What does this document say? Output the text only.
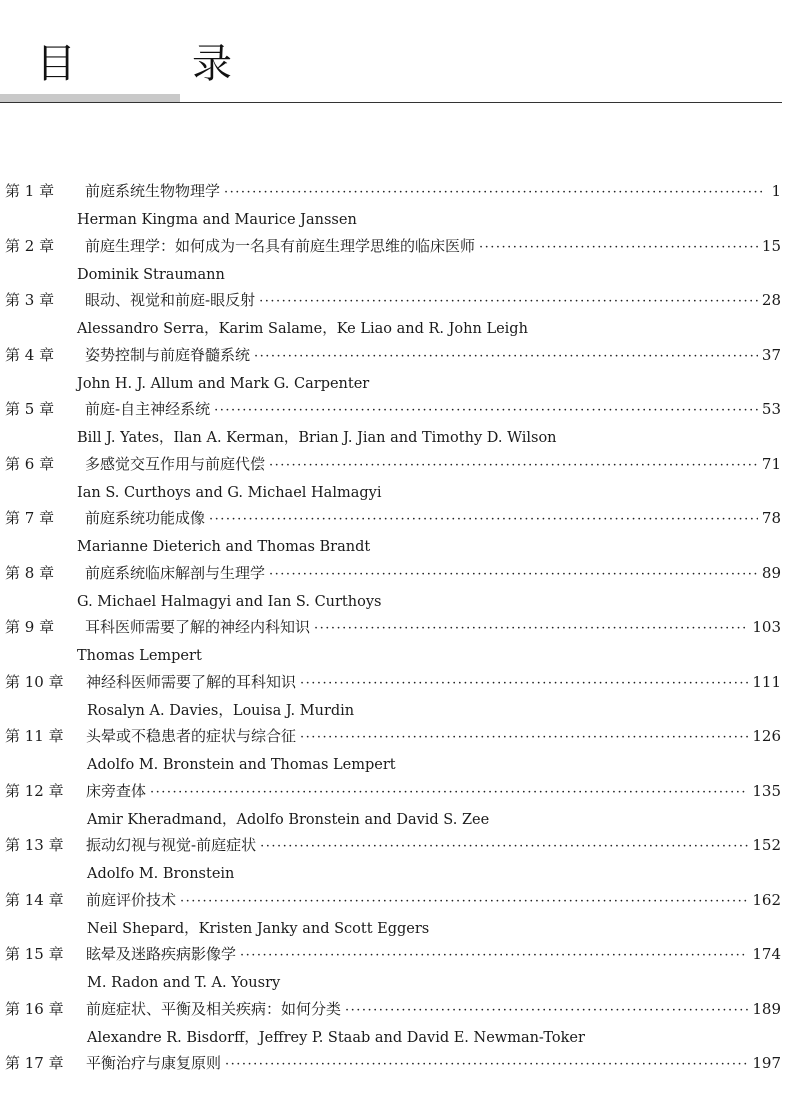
目　录
第 1 章	前庭系统生物物理学 ·····	1
Herman Kingma and Maurice Janssen
第 2 章	前庭生理学：如何成为一名具有前庭生理学思维的临床医师 ·····	15
Dominik Straumann
第 3 章	眼动、视觉和前庭-眼反射 ·····	28
Alessandro Serra，Karim Salame，Ke Liao and R. John Leigh
第 4 章	姿势控制与前庭脊髓系统 ·····	37
John H. J. Allum and Mark G. Carpenter
第 5 章	前庭-自主神经系统 ·····	53
Bill J. Yates，Ilan A. Kerman，Brian J. Jian and Timothy D. Wilson
第 6 章	多感觉交互作用与前庭代偿 ·····	71
Ian S. Curthoys and G. Michael Halmagyi
第 7 章	前庭系统功能成像 ·····	78
Marianne Dieterich and Thomas Brandt
第 8 章	前庭系统临床解剖与生理学 ·····	89
G. Michael Halmagyi and Ian S. Curthoys
第 9 章	耳科医师需要了解的神经内科知识 ·····	103
Thomas Lempert
第 10 章	神经科医师需要了解的耳科知识 ·····	111
Rosalyn A. Davies，Louisa J. Murdin
第 11 章	头晕或不稳患者的症状与综合征 ·····	126
Adolfo M. Bronstein and Thomas Lempert
第 12 章	床旁查体 ·····	135
Amir Kheradmand，Adolfo Bronstein and David S. Zee
第 13 章	振动幻视与视觉-前庭症状 ·····	152
Adolfo M. Bronstein
第 14 章	前庭评价技术 ·····	162
Neil Shepard，Kristen Janky and Scott Eggers
第 15 章	眩晕及迷路疾病影像学 ·····	174
M. Radon and T. A. Yousry
第 16 章	前庭症状、平衡及相关疾病：如何分类 ·····	189
Alexandre R. Bisdorff，Jeffrey P. Staab and David E. Newman-Toker
第 17 章	平衡治疗与康复原则 ·····	197
